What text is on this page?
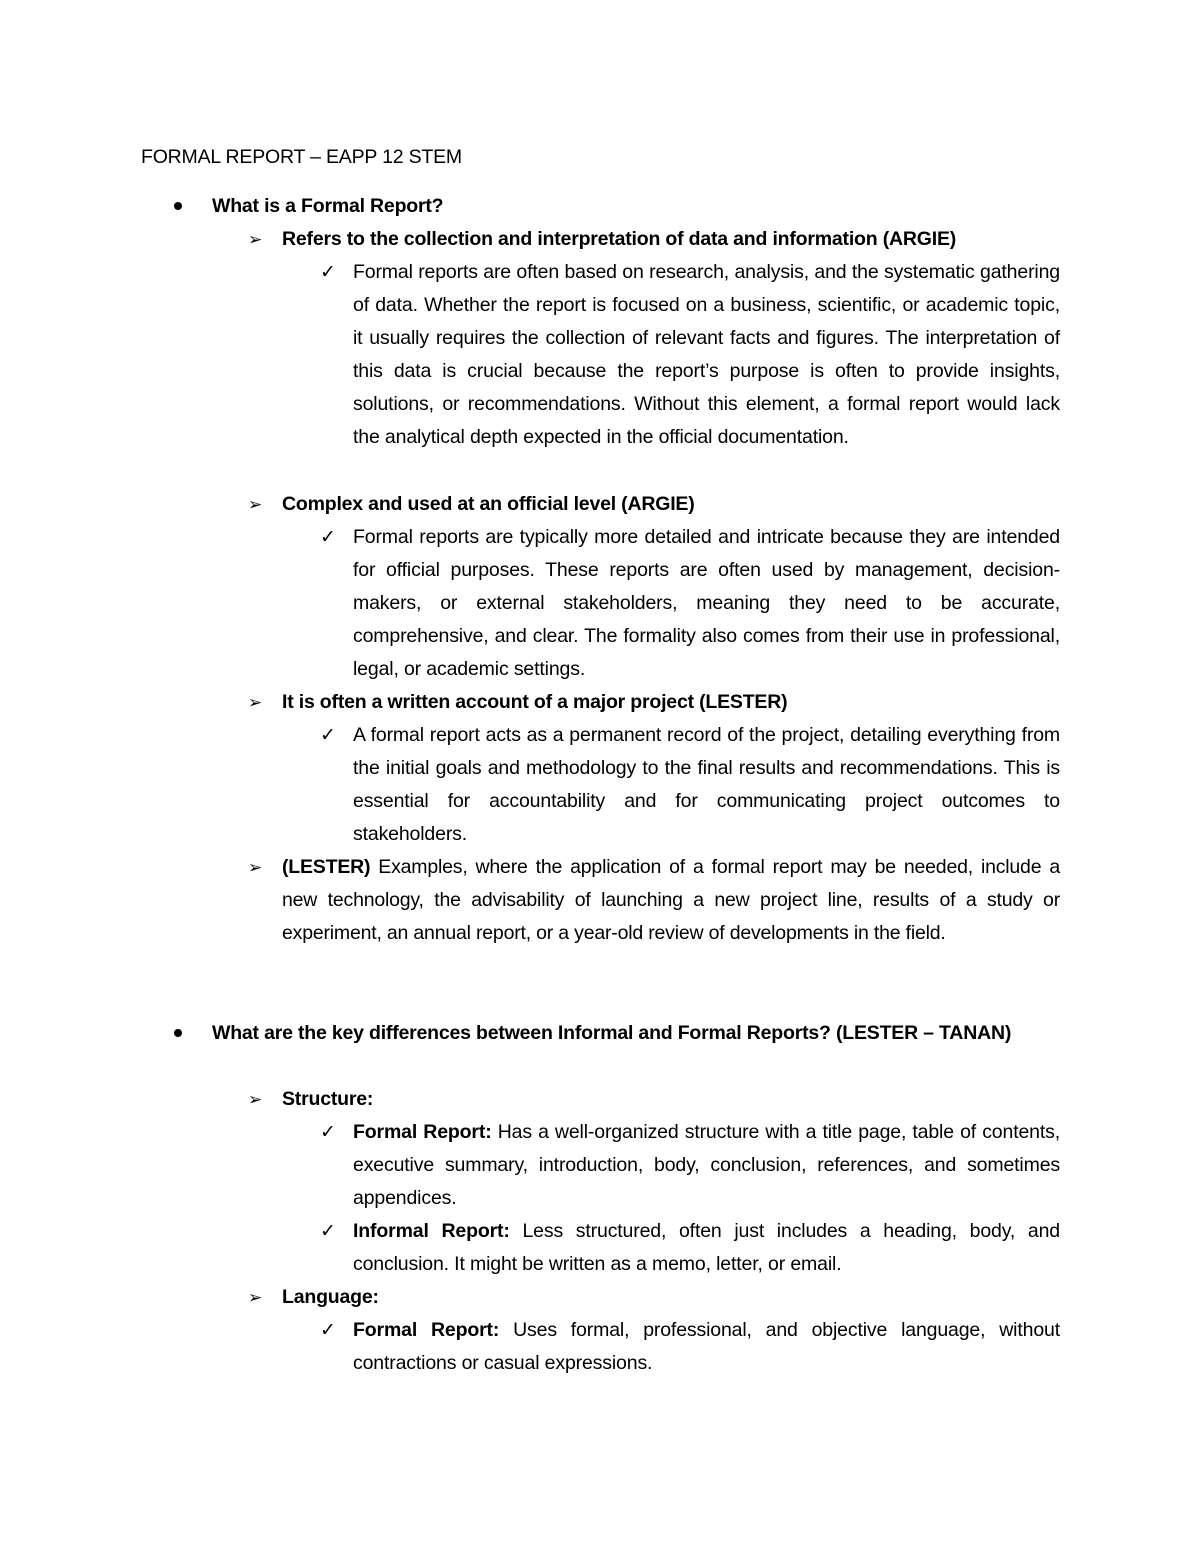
FORMAL REPORT – EAPP 12 STEM
What is a Formal Report?
➢ Refers to the collection and interpretation of data and information (ARGIE)
✓ Formal reports are often based on research, analysis, and the systematic gathering of data. Whether the report is focused on a business, scientific, or academic topic, it usually requires the collection of relevant facts and figures. The interpretation of this data is crucial because the report’s purpose is often to provide insights, solutions, or recommendations. Without this element, a formal report would lack the analytical depth expected in the official documentation.
➢ Complex and used at an official level (ARGIE)
✓ Formal reports are typically more detailed and intricate because they are intended for official purposes. These reports are often used by management, decision-makers, or external stakeholders, meaning they need to be accurate, comprehensive, and clear. The formality also comes from their use in professional, legal, or academic settings.
➢ It is often a written account of a major project (LESTER)
✓ A formal report acts as a permanent record of the project, detailing everything from the initial goals and methodology to the final results and recommendations. This is essential for accountability and for communicating project outcomes to stakeholders.
➢ (LESTER) Examples, where the application of a formal report may be needed, include a new technology, the advisability of launching a new project line, results of a study or experiment, an annual report, or a year-old review of developments in the field.
What are the key differences between Informal and Formal Reports? (LESTER – TANAN)
➢ Structure:
✓ Formal Report: Has a well-organized structure with a title page, table of contents, executive summary, introduction, body, conclusion, references, and sometimes appendices.
✓ Informal Report: Less structured, often just includes a heading, body, and conclusion. It might be written as a memo, letter, or email.
➢ Language:
✓ Formal Report: Uses formal, professional, and objective language, without contractions or casual expressions.
